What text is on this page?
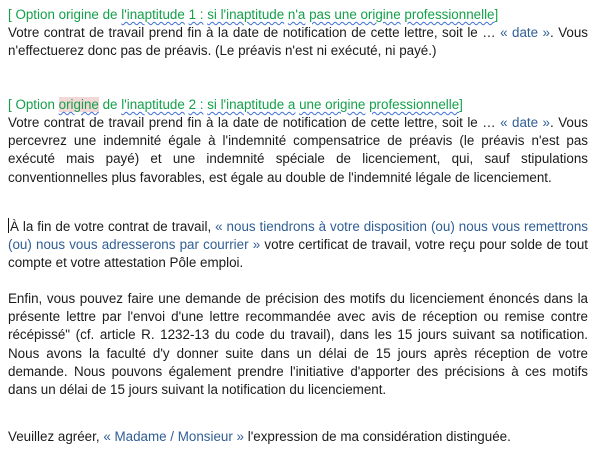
[ Option origine de l'inaptitude 1 : si l'inaptitude n'a pas une origine professionnelle]

Votre contrat de travail prend fin à la date de notification de cette lettre, soit le … « date ». Vous n'effectuerez donc pas de préavis. (Le préavis n'est ni exécuté, ni payé.)

[ Option origine de l'inaptitude 2 : si l'inaptitude a une origine professionnelle]

Votre contrat de travail prend fin à la date de notification de cette lettre, soit le … « date ». Vous percevrez une indemnité égale à l'indemnité compensatrice de préavis (le préavis n'est pas exécuté mais payé) et une indemnité spéciale de licenciement, qui, sauf stipulations conventionnelles plus favorables, est égale au double de l'indemnité légale de licenciement.

À la fin de votre contrat de travail, « nous tiendrons à votre disposition (ou) nous vous remettrons (ou) nous vous adresserons par courrier » votre certificat de travail, votre reçu pour solde de tout compte et votre attestation Pôle emploi.

Enfin, vous pouvez faire une demande de précision des motifs du licenciement énoncés dans la présente lettre par l'envoi d'une lettre recommandée avec avis de réception ou remise contre récépissé" (cf. article R. 1232-13 du code du travail), dans les 15 jours suivant sa notification. Nous avons la faculté d'y donner suite dans un délai de 15 jours après réception de votre demande. Nous pouvons également prendre l'initiative d'apporter des précisions à ces motifs dans un délai de 15 jours suivant la notification du licenciement.

Veuillez agréer, « Madame / Monsieur » l'expression de ma considération distinguée.
